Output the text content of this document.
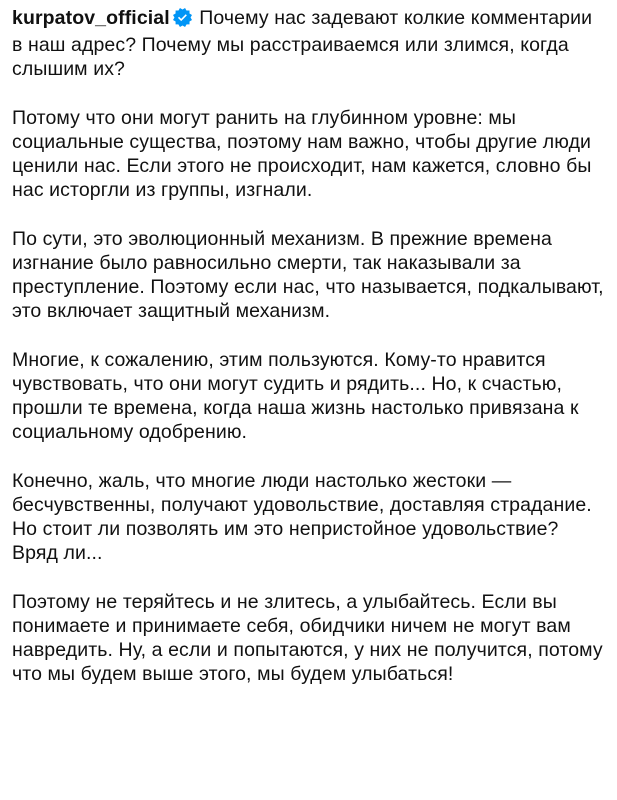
kurpatov_official Почему нас задевают колкие комментарии в наш адрес? Почему мы расстраиваемся или злимся, когда слышим их?

Потому что они могут ранить на глубинном уровне: мы социальные существа, поэтому нам важно, чтобы другие люди ценили нас. Если этого не происходит, нам кажется, словно бы нас исторгли из группы, изгнали.

По сути, это эволюционный механизм. В прежние времена изгнание было равносильно смерти, так наказывали за преступление. Поэтому если нас, что называется, подкалывают, это включает защитный механизм.

Многие, к сожалению, этим пользуются. Кому-то нравится чувствовать, что они могут судить и рядить... Но, к счастью, прошли те времена, когда наша жизнь настолько привязана к социальному одобрению.

Конечно, жаль, что многие люди настолько жестоки — бесчувственны, получают удовольствие, доставляя страдание. Но стоит ли позволять им это непристойное удовольствие? Вряд ли...

Поэтому не теряйтесь и не злитесь, а улыбайтесь. Если вы понимаете и принимаете себя, обидчики ничем не могут вам навредить. Ну, а если и попытаются, у них не получится, потому что мы будем выше этого, мы будем улыбаться!
